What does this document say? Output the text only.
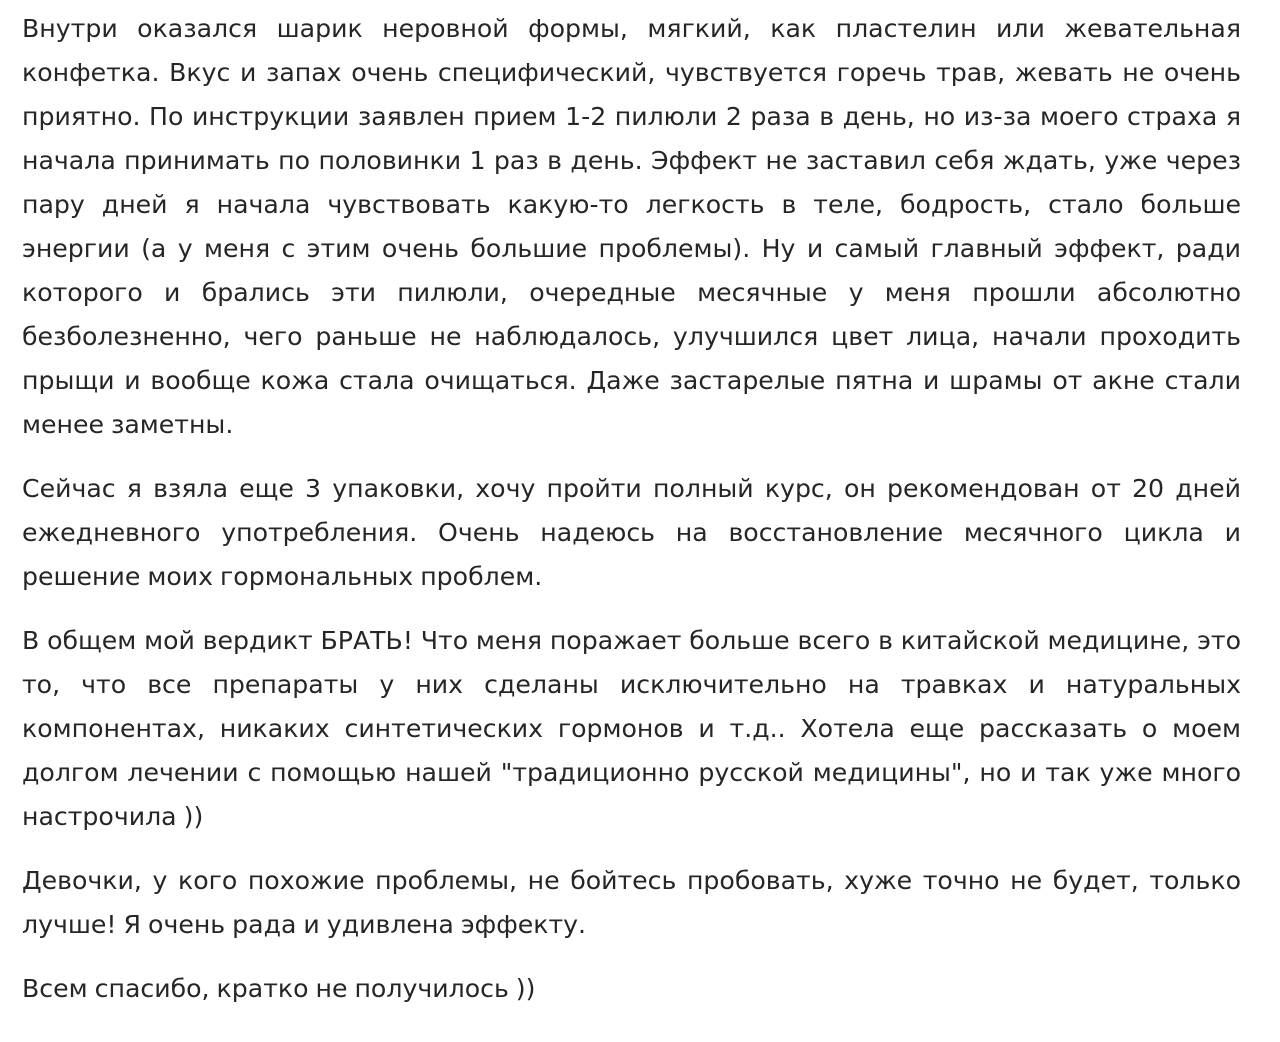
Внутри оказался шарик неровной формы, мягкий, как пластелин или жевательная конфетка. Вкус и запах очень специфический, чувствуется горечь трав, жевать не очень приятно. По инструкции заявлен прием 1-2 пилюли 2 раза в день, но из-за моего страха я начала принимать по половинки 1 раз в день. Эффект не заставил себя ждать, уже через пару дней я начала чувствовать какую-то легкость в теле, бодрость, стало больше энергии (а у меня с этим очень большие проблемы). Ну и самый главный эффект, ради которого и брались эти пилюли, очередные месячные у меня прошли абсолютно безболезненно, чего раньше не наблюдалось, улучшился цвет лица, начали проходить прыщи и вообще кожа стала очищаться. Даже застарелые пятна и шрамы от акне стали менее заметны.

Сейчас я взяла еще 3 упаковки, хочу пройти полный курс, он рекомендован от 20 дней ежедневного употребления. Очень надеюсь на восстановление месячного цикла и решение моих гормональных проблем.

В общем мой вердикт БРАТЬ! Что меня поражает больше всего в китайской медицине, это то, что все препараты у них сделаны исключительно на травках и натуральных компонентах, никаких синтетических гормонов и т.д.. Хотела еще рассказать о моем долгом лечении с помощью нашей "традиционно русской медицины", но и так уже много настрочила ))

Девочки, у кого похожие проблемы, не бойтесь пробовать, хуже точно не будет, только лучше! Я очень рада и удивлена эффекту.

Всем спасибо, кратко не получилось ))
